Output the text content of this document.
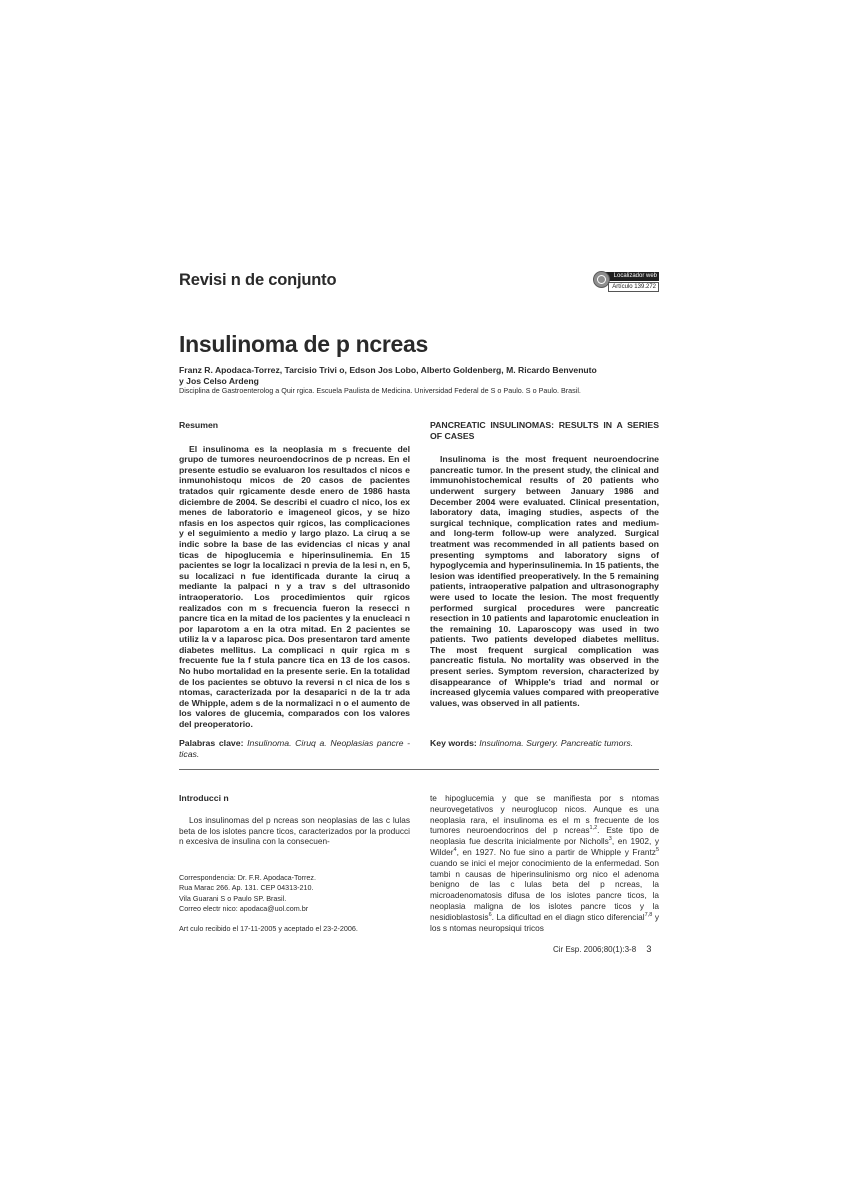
Revisi n de conjunto	Localizador web
Artículo 139.272
Insulinoma de p ncreas
Franz R. Apodaca-Torrez, Tarcisio Trivi o, Edson Jos Lobo, Alberto Goldenberg, M. Ricardo Benvenuto
y Jos Celso Ardeng
Disciplina de Gastroenterolog a Quir rgica. Escuela Paulista de Medicina. Universidad Federal de S o Paulo. S o Paulo. Brasil.
Resumen

El insulinoma es la neoplasia m s frecuente del grupo de tumores neuroendocrinos de p ncreas. En el presente estudio se evaluaron los resultados cl nicos e inmunohistoqu micos de 20 casos de pacientes tratados quir rgicamente desde enero de 1986 hasta diciembre de 2004. Se describi el cuadro cl nico, los ex menes de laboratorio e imageneol gicos, y se hizo nfasis en los aspectos quir rgicos, las complicaciones y el seguimiento a medio y largo plazo. La ciruq a se indic sobre la base de las evidencias cl nicas y anal ticas de hipoglucemia e hiperinsulinemia. En 15 pacientes se logr la localizaci n previa de la lesi n, en 5, su localizaci n fue identificada durante la ciruq a mediante la palpaci n y a trav s del ultrasonido intraoperatorio. Los procedimientos quir rgicos realizados con m s frecuencia fueron la resecci n pancre tica en la mitad de los pacientes y la enucleaci n por laparotom a en la otra mitad. En 2 pacientes se utiliz la v a laparosc pica. Dos presentaron tard amente diabetes mellitus. La complicaci n quir rgica m s frecuente fue la f stula pancre tica en 13 de los casos. No hubo mortalidad en la presente serie. En la totalidad de los pacientes se obtuvo la reversi n cl nica de los s ntomas, caracterizada por la desaparici n de la tr ada de Whipple, adem s de la normalizaci n o el aumento de los valores de glucemia, comparados con los valores del preoperatorio.

Palabras clave: Insulinoma. Ciruq a. Neoplasias pancre -ticas.
PANCREATIC INSULINOMAS: RESULTS IN A SERIES OF CASES

Insulinoma is the most frequent neuroendocrine pancreatic tumor. In the present study, the clinical and immunohistochemical results of 20 patients who underwent surgery between January 1986 and December 2004 were evaluated. Clinical presentation, laboratory data, imaging studies, aspects of the surgical technique, complication rates and medium- and long-term follow-up were analyzed. Surgical treatment was recommended in all patients based on presenting symptoms and laboratory signs of hypoglycemia and hyperinsulinemia. In 15 patients, the lesion was identified preoperatively. In the 5 remaining patients, intraoperative palpation and ultrasonography were used to locate the lesion. The most frequently performed surgical procedures were pancreatic resection in 10 patients and laparotomic enucleation in the remaining 10. Laparoscopy was used in two patients. Two patients developed diabetes mellitus. The most frequent surgical complication was pancreatic fistula. No mortality was observed in the present series. Symptom reversion, characterized by disappearance of Whipple's triad and normal or increased glycemia values compared with preoperative values, was observed in all patients.

Key words: Insulinoma. Surgery. Pancreatic tumors.
Introducci n

Los insulinomas del p ncreas son neoplasias de las c lulas beta de los islotes pancre ticos, caracterizados por la producci n excesiva de insulina con la consecuen-

Correspondencia: Dr. F.R. Apodaca-Torrez.
Rua Marac 266. Ap. 131. CEP 04313-210.
Vila Guarani S o Paulo SP. Brasil.
Correo electr nico: apodaca@uol.com.br
Art culo recibido el 17-11-2005 y aceptado el 23-2-2006.

te hipoglucemia y que se manifiesta por s ntomas neurovegetativos y neuroglucop nicos. Aunque es una neoplasia rara, el insulinoma es el m s frecuente de los tumores neuroendocrinos del p ncreas$^{1,2}$. Este tipo de neoplasia fue descrita inicialmente por Nicholls$^3$, en 1902, y Wilder$^4$, en 1927. No fue sino a partir de Whipple y Frantz$^5$ cuando se inici el mejor conocimiento de la enfermedad. Son tambi n causas de hiperinsulinismo org nico el adenoma benigno de las c lulas beta del p ncreas, la microadenomatosis difusa de los islotes pancre ticos, la neoplasia maligna de los islotes pancre ticos y la nesidioblastosis$^6$. La dificultad en el diagn stico diferencial$^{7,8}$ y los s ntomas neuropsiqui tricos

Cir Esp. 2006;80(1):3-8 3
